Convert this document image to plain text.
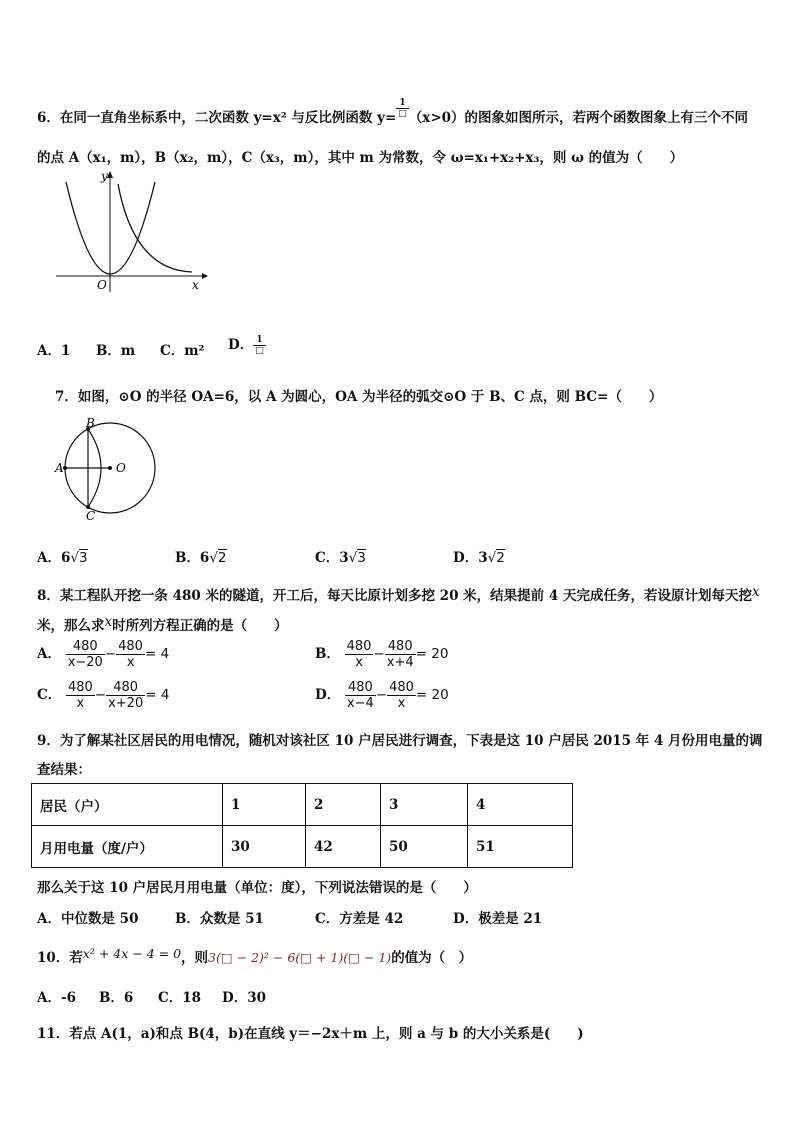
6．在同一直角坐标系中，二次函数 y=x² 与反比例函数 $y= \frac{1}{□} (x>0)$的图象如图所示，若两个函数图象上有三个不同
的点 A（x₁，m），B（x₂，m），C（x₃，m），其中 m 为常数，令 ω=x₁+x₂+x₃，则 ω 的值为（　　）
y
x
O
A．1 B．m C．m² D． $\frac{1}{□}$
7．如图，⊙O 的半径 OA=6，以 A 为圆心，OA 为半径的弧交⊙O 于 B、C 点，则 BC=（　　）
B
A	O
C
A．6√3	B．6√2	C．3√3	D．3√2
8．某工程队开挖一条 480 米的隧道，开工后，每天比原计划多挖 20 米，结果提前 4 天完成任务，若设原计划每天挖x
米，那么求x时所列方程正确的是（　　）
A． $\frac{480}{x-20} - \frac{480}{x} = 4$	B． $\frac{480}{x} - \frac{480}{x+4} = 20$
C． $\frac{480}{x} - \frac{480}{x+20} = 4$	D． $\frac{480}{x-4} - \frac{480}{x} = 20$
9．为了解某社区居民的用电情况，随机对该社区 10 户居民进行调查，下表是这 10 户居民 2015 年 4 月份用电量的调
查结果：
居民（户）	1	2	3	4
月用电量（度/户）	30	42	50	51
那么关于这 10 户居民月用电量（单位：度），下列说法错误的是（　　）
A．中位数是 50	B．众数是 51	C．方差是 42	D．极差是 21
10．若x² + 4x − 4 = 0，则3(□ − 2)² − 6(□ + 1)(□ − 1)的值为（　）
A．-6 B．6 C．18 D．30
11．若点 A(1，a)和点 B(4，b)在直线 y＝−2x＋m 上，则 a 与 b 的大小关系是(　　)
